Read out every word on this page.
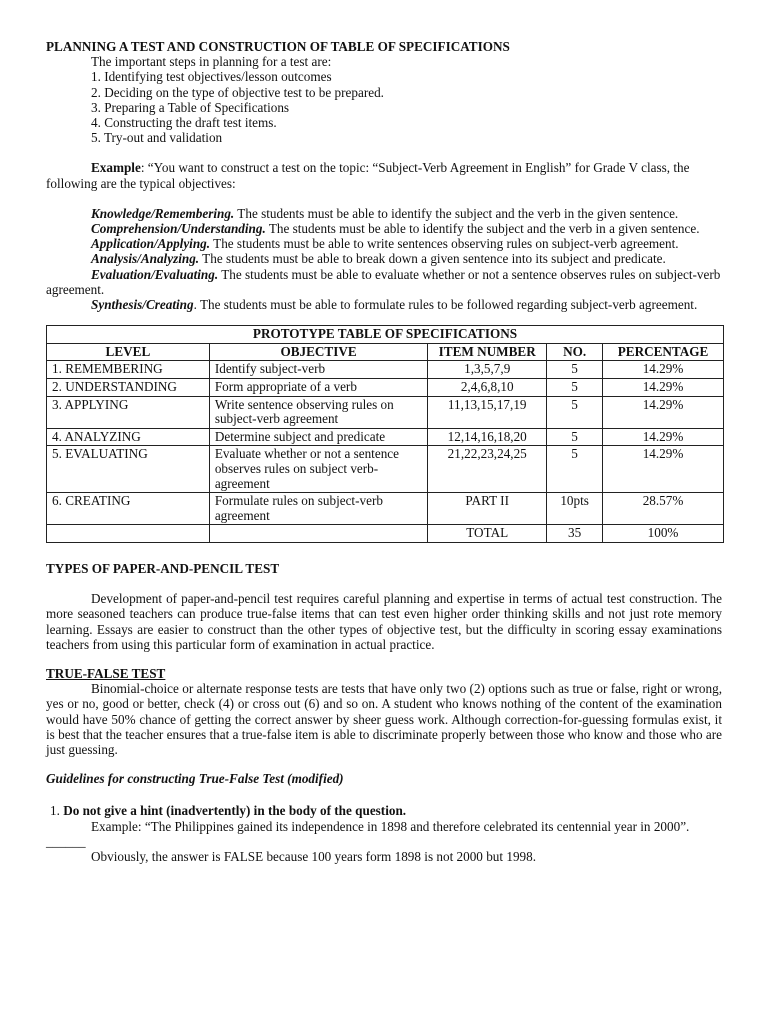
PLANNING A TEST AND CONSTRUCTION OF TABLE OF SPECIFICATIONS
The important steps in planning for a test are:
1. Identifying test objectives/lesson outcomes
2. Deciding on the type of objective test to be prepared.
3. Preparing a Table of Specifications
4. Constructing the draft test items.
5. Try-out and validation

Example: “You want to construct a test on the topic: “Subject-Verb Agreement in English” for Grade V class, the following are the typical objectives:

Knowledge/Remembering. The students must be able to identify the subject and the verb in the given sentence.

Comprehension/Understanding. The students must be able to identify the subject and the verb in a given sentence.

Application/Applying. The students must be able to write sentences observing rules on subject-verb agreement.

Analysis/Analyzing. The students must be able to break down a given sentence into its subject and predicate.

Evaluation/Evaluating. The students must be able to evaluate whether or not a sentence observes rules on subject-verb agreement.

Synthesis/Creating. The students must be able to formulate rules to be followed regarding subject-verb agreement.

PROTOTYPE TABLE OF SPECIFICATIONS				
LEVEL	OBJECTIVE	ITEM NUMBER	NO.	PERCENTAGE
1. REMEMBERING	Identify subject-verb	1,3,5,7,9	5	14.29%
2. UNDERSTANDING	Form appropriate of a verb	2,4,6,8,10	5	14.29%
3. APPLYING	Write sentence observing rules on subject-verb agreement	11,13,15,17,19	5	14.29%
4. ANALYZING	Determine subject and predicate	12,14,16,18,20	5	14.29%
5. EVALUATING	Evaluate whether or not a sentence observes rules on subject verb-agreement	21,22,23,24,25	5	14.29%
6. CREATING	Formulate rules on subject-verb agreement	PART II	10pts	28.57%
		TOTAL	35	100%
TYPES OF PAPER-AND-PENCIL TEST

Development of paper-and-pencil test requires careful planning and expertise in terms of actual test construction. The more seasoned teachers can produce true-false items that can test even higher order thinking skills and not just rote memory learning. Essays are easier to construct than the other types of objective test, but the difficulty in scoring essay examinations teachers from using this particular form of examination in actual practice.

TRUE-FALSE TEST

Binomial-choice or alternate response tests are tests that have only two (2) options such as true or false, right or wrong, yes or no, good or better, check (4) or cross out (6) and so on. A student who knows nothing of the content of the examination would have 50% chance of getting the correct answer by sheer guess work. Although correction-for-guessing formulas exist, it is best that the teacher ensures that a true-false item is able to discriminate properly between those who know and those who are just guessing.

Guidelines for constructing True-False Test (modified)
1. Do not give a hint (inadvertently) in the body of the question.

Example: “The Philippines gained its independence in 1898 and therefore celebrated its centennial year in 2000”. ______

Obviously, the answer is FALSE because 100 years form 1898 is not 2000 but 1998.
